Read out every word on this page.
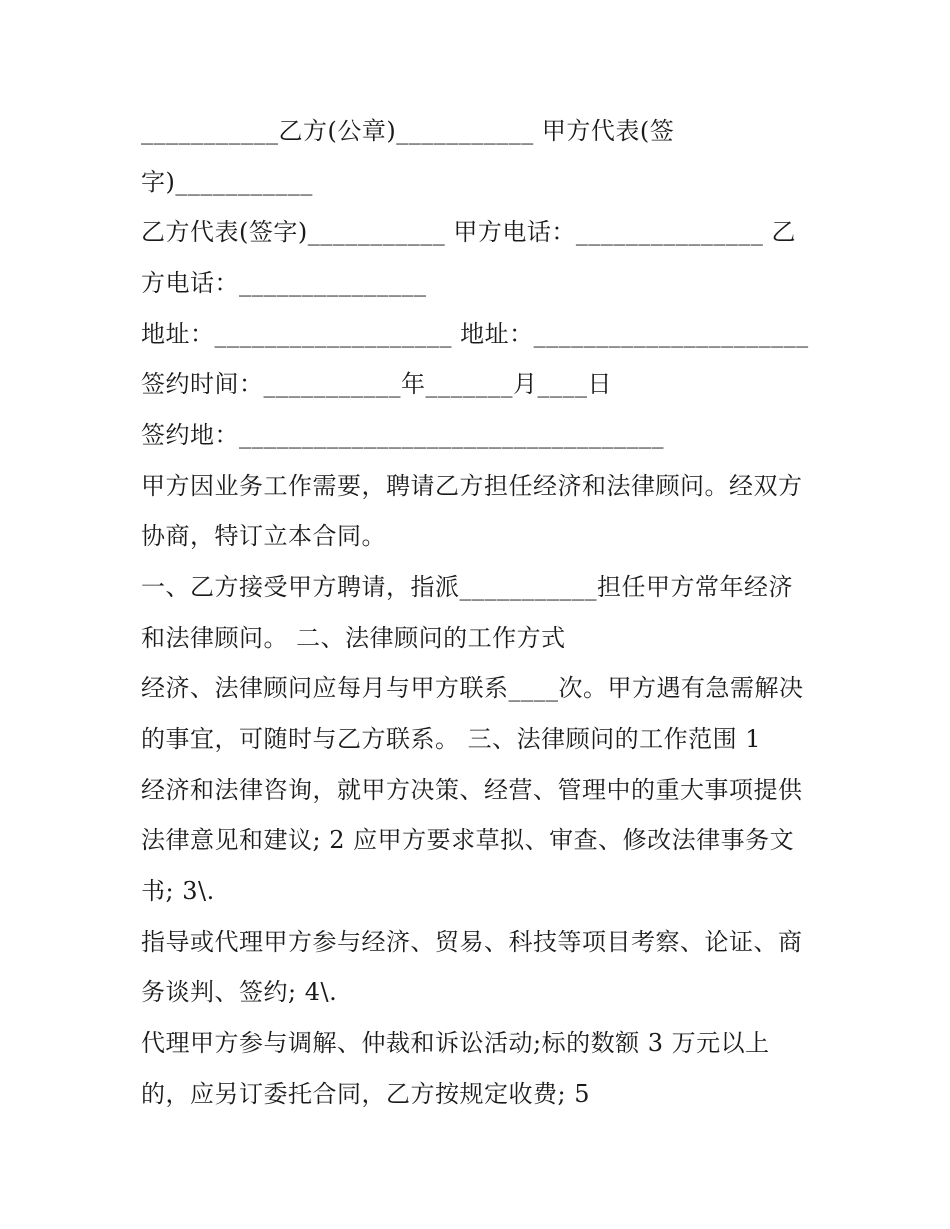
___________乙方(公章)___________ 甲方代表(签
字)___________
乙方代表(签字)___________ 甲方电话：_______________ 乙
方电话：_______________
地址：___________________ 地址：______________________
签约时间：___________年_______月____日
签约地：__________________________________
甲方因业务工作需要，聘请乙方担任经济和法律顾问。经双方
协商，特订立本合同。
一、乙方接受甲方聘请，指派___________担任甲方常年经济
和法律顾问。 二、法律顾问的工作方式
经济、法律顾问应每月与甲方联系____次。甲方遇有急需解决
的事宜，可随时与乙方联系。 三、法律顾问的工作范围 1
经济和法律咨询，就甲方决策、经营、管理中的重大事项提供
法律意见和建议; 2 应甲方要求草拟、审查、修改法律事务文
书; 3\.
指导或代理甲方参与经济、贸易、科技等项目考察、论证、商
务谈判、签约; 4\.
代理甲方参与调解、仲裁和诉讼活动;标的数额 3 万元以上
的，应另订委托合同，乙方按规定收费; 5
